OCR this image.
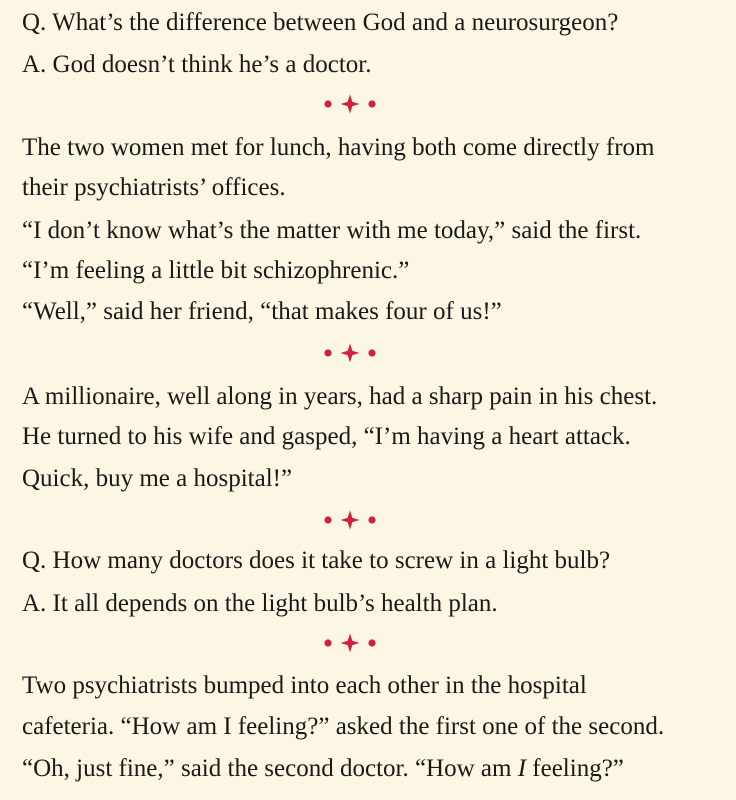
Q. What’s the difference between God and a neurosurgeon?

A. God doesn’t think he’s a doctor.

The two women met for lunch, having both come directly from

their psychiatrists’ offices.

“I don’t know what’s the matter with me today,” said the first.

“I’m feeling a little bit schizophrenic.”

“Well,” said her friend, “that makes four of us!”

A millionaire, well along in years, had a sharp pain in his chest.

He turned to his wife and gasped, “I’m having a heart attack.

Quick, buy me a hospital!”

Q. How many doctors does it take to screw in a light bulb?

A. It all depends on the light bulb’s health plan.

Two psychiatrists bumped into each other in the hospital

cafeteria. “How am I feeling?” asked the first one of the second.

“Oh, just fine,” said the second doctor. “How am I feeling?”
